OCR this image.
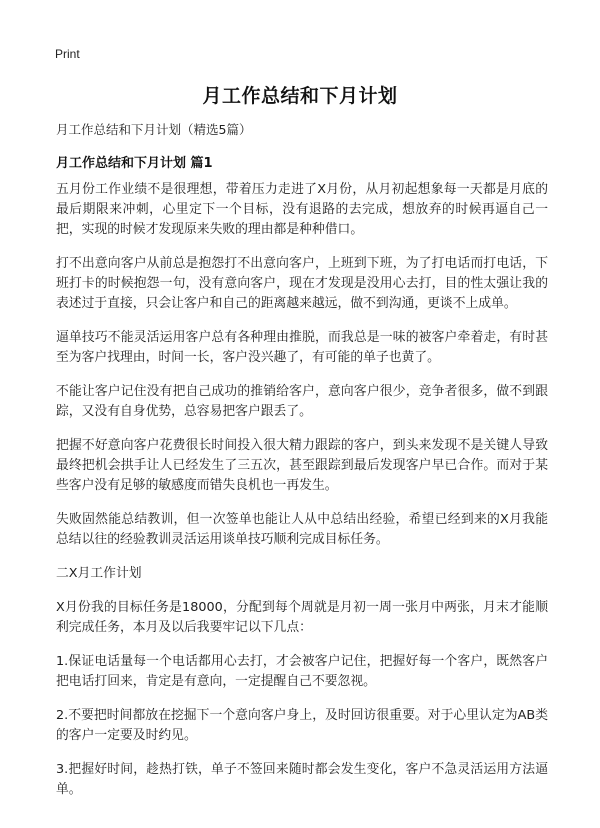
Print
月工作总结和下月计划
月工作总结和下月计划（精选5篇）
月工作总结和下月计划 篇1

五月份工作业绩不是很理想，带着压力走进了X月份，从月初起想象每一天都是月底的最后期限来冲刺，心里定下一个目标，没有退路的去完成，想放弃的时候再逼自己一把，实现的时候才发现原来失败的理由都是种种借口。

打不出意向客户从前总是抱怨打不出意向客户，上班到下班，为了打电话而打电话，下班打卡的时候抱怨一句，没有意向客户，现在才发现是没用心去打，目的性太强让我的表述过于直接，只会让客户和自己的距离越来越远，做不到沟通，更谈不上成单。

逼单技巧不能灵活运用客户总有各种理由推脱，而我总是一味的被客户牵着走，有时甚至为客户找理由，时间一长，客户没兴趣了，有可能的单子也黄了。

不能让客户记住没有把自己成功的推销给客户，意向客户很少，竞争者很多，做不到跟踪，又没有自身优势，总容易把客户跟丢了。

把握不好意向客户花费很长时间投入很大精力跟踪的客户，到头来发现不是关键人导致最终把机会拱手让人已经发生了三五次，甚至跟踪到最后发现客户早已合作。而对于某些客户没有足够的敏感度而错失良机也一再发生。

失败固然能总结教训，但一次签单也能让人从中总结出经验，希望已经到来的X月我能总结以往的经验教训灵活运用谈单技巧顺利完成目标任务。

二X月工作计划

X月份我的目标任务是18000，分配到每个周就是月初一周一张月中两张，月末才能顺利完成任务，本月及以后我要牢记以下几点：

1.保证电话量每一个电话都用心去打，才会被客户记住，把握好每一个客户，既然客户把电话打回来，肯定是有意向，一定提醒自己不要忽视。

2.不要把时间都放在挖掘下一个意向客户身上，及时回访很重要。对于心里认定为AB类的客户一定要及时约见。

3.把握好时间，趁热打铁，单子不签回来随时都会发生变化，客户不急灵活运用方法逼单。
